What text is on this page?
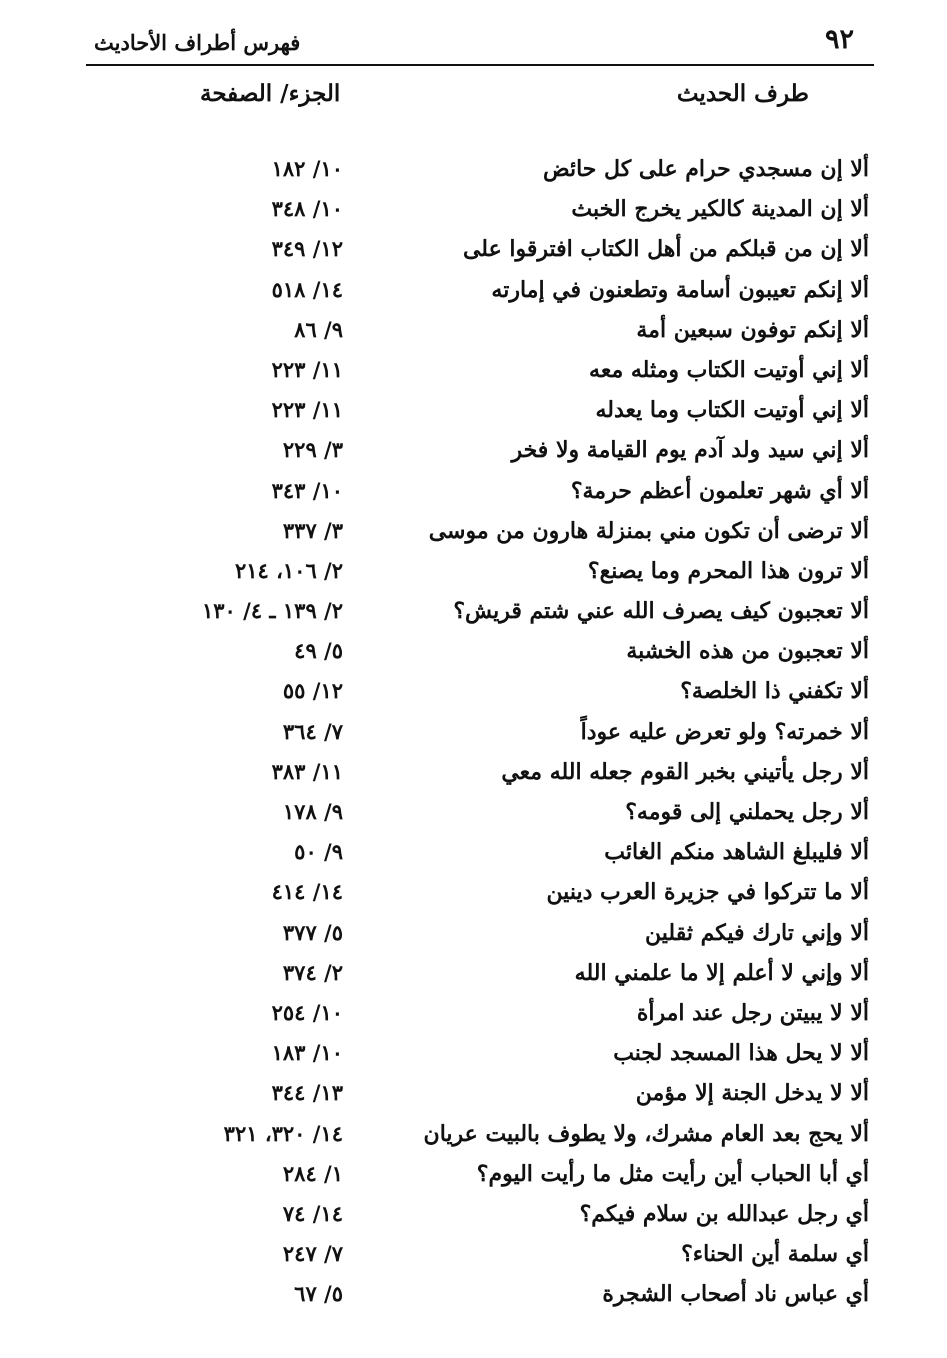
فهرس أطراف الأحاديث	٩٢
طرف الحديث
الجزء/ الصفحة
ألا إن مسجدي حرام على كل حائض
١٠/ ١٨٢
ألا إن المدينة كالكير يخرج الخبث
١٠/ ٣٤٨
ألا إن من قبلكم من أهل الكتاب افترقوا على
١٢/ ٣٤٩
ألا إنكم تعيبون أسامة وتطعنون في إمارته
١٤/ ٥١٨
ألا إنكم توفون سبعين أمة
٩/ ٨٦
ألا إني أوتيت الكتاب ومثله معه
١١/ ٢٢٣
ألا إني أوتيت الكتاب وما يعدله
١١/ ٢٢٣
ألا إني سيد ولد آدم يوم القيامة ولا فخر
٣/ ٢٢٩
ألا أي شهر تعلمون أعظم حرمة؟
١٠/ ٣٤٣
ألا ترضى أن تكون مني بمنزلة هارون من موسى
٣/ ٣٣٧
ألا ترون هذا المحرم وما يصنع؟
٢/ ١٠٦، ٢١٤
ألا تعجبون كيف يصرف الله عني شتم قريش؟
٢/ ١٣٩ ـ ٤/ ١٣٠
ألا تعجبون من هذه الخشبة
٥/ ٤٩
ألا تكفني ذا الخلصة؟
١٢/ ٥٥
ألا خمرته؟ ولو تعرض عليه عوداً
٧/ ٣٦٤
ألا رجل يأتيني بخبر القوم جعله الله معي
١١/ ٣٨٣
ألا رجل يحملني إلى قومه؟
٩/ ١٧٨
ألا فليبلغ الشاهد منكم الغائب
٩/ ٥٠
ألا ما تتركوا في جزيرة العرب دينين
١٤/ ٤١٤
ألا وإني تارك فيكم ثقلين
٥/ ٣٧٧
ألا وإني لا أعلم إلا ما علمني الله
٢/ ٣٧٤
ألا لا يبيتن رجل عند امرأة
١٠/ ٢٥٤
ألا لا يحل هذا المسجد لجنب
١٠/ ١٨٣
ألا لا يدخل الجنة إلا مؤمن
١٣/ ٣٤٤
ألا يحج بعد العام مشرك، ولا يطوف بالبيت عريان
١٤/ ٣٢٠، ٣٢١
أي أبا الحباب أين رأيت مثل ما رأيت اليوم؟
١/ ٢٨٤
أي رجل عبدالله بن سلام فيكم؟
١٤/ ٧٤
أي سلمة أين الحناء؟
٧/ ٢٤٧
أي عباس ناد أصحاب الشجرة
٥/ ٦٧
